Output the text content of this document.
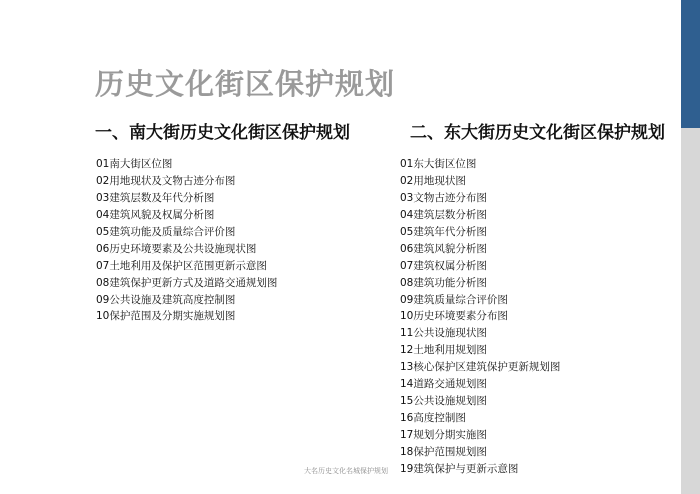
历史文化街区保护规划
一、南大街历史文化街区保护规划	二、东大街历史文化街区保护规划
01南大街区位图
02用地现状及文物古迹分布图
03建筑层数及年代分析图
04建筑风貌及权属分析图
05建筑功能及质量综合评价图
06历史环境要素及公共设施现状图
07土地利用及保护区范围更新示意图
08建筑保护更新方式及道路交通规划图
09公共设施及建筑高度控制图
10保护范围及分期实施规划图
01东大街区位图
02用地现状图
03文物古迹分布图
04建筑层数分析图
05建筑年代分析图
06建筑风貌分析图
07建筑权属分析图
08建筑功能分析图
09建筑质量综合评价图
10历史环境要素分布图
11公共设施现状图
12土地利用规划图
13核心保护区建筑保护更新规划图
14道路交通规划图
15公共设施规划图
16高度控制图
17规划分期实施图
18保护范围规划图
19建筑保护与更新示意图
大名历史文化名城保护规划
